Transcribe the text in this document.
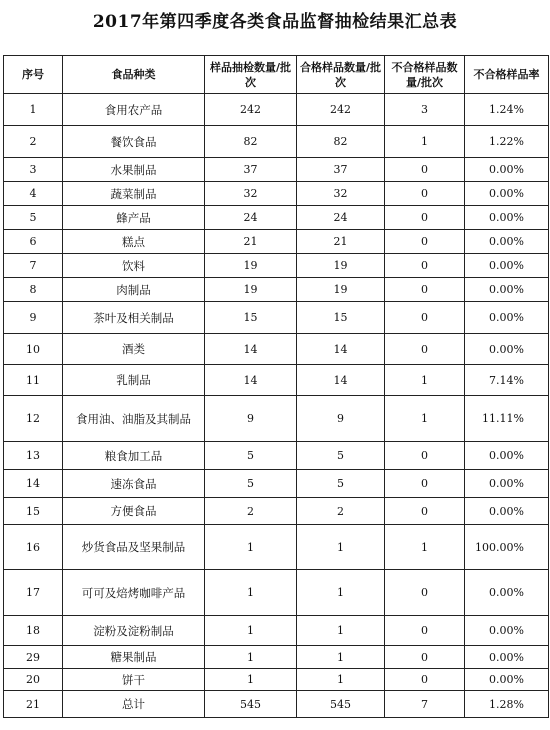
2017年第四季度各类食品监督抽检结果汇总表
序号	食品种类	样品抽检数量/批次	合格样品数量/批次	不合格样品数量/批次	不合格样品率
1	食用农产品	242	242	3	1.24%
2	餐饮食品	82	82	1	1.22%
3	水果制品	37	37	0	0.00%
4	蔬菜制品	32	32	0	0.00%
5	蜂产品	24	24	0	0.00%
6	糕点	21	21	0	0.00%
7	饮料	19	19	0	0.00%
8	肉制品	19	19	0	0.00%
9	茶叶及相关制品	15	15	0	0.00%
10	酒类	14	14	0	0.00%
11	乳制品	14	14	1	7.14%
12	食用油、油脂及其制品	9	9	1	11.11%
13	粮食加工品	5	5	0	0.00%
14	速冻食品	5	5	0	0.00%
15	方便食品	2	2	0	0.00%
16	炒货食品及坚果制品	1	1	1	100.00%
17	可可及焙烤咖啡产品	1	1	0	0.00%
18	淀粉及淀粉制品	1	1	0	0.00%
29	糖果制品	1	1	0	0.00%
20	饼干	1	1	0	0.00%
21	总计	545	545	7	1.28%
